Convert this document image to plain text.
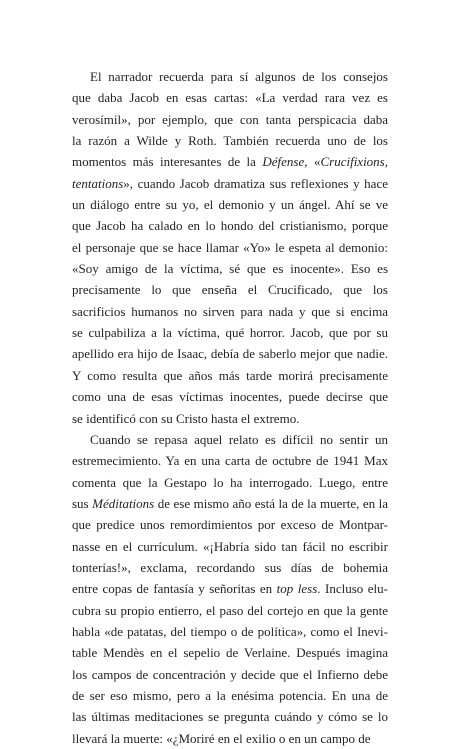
El narrador recuerda para sí algunos de los consejos
que daba Jacob en esas cartas: «La verdad rara vez es
verosímil», por ejemplo, que con tanta perspicacia daba
la razón a Wilde y Roth. También recuerda uno de los
momentos más interesantes de la Défense, «Crucifixions,
tentations», cuando Jacob dramatiza sus reflexiones y hace
un diálogo entre su yo, el demonio y un ángel. Ahí se ve
que Jacob ha calado en lo hondo del cristianismo, porque
el personaje que se hace llamar «Yo» le espeta al demonio:
«Soy amigo de la víctima, sé que es inocente». Eso es
precisamente lo que enseña el Crucificado, que los
sacrificios humanos no sirven para nada y que si encima
se culpabiliza a la víctima, qué horror. Jacob, que por su
apellido era hijo de Isaac, debía de saberlo mejor que nadie.
Y como resulta que años más tarde morirá precisamente
como una de esas víctimas inocentes, puede decirse que
se identificó con su Cristo hasta el extremo.

Cuando se repasa aquel relato es difícil no sentir un
estremecimiento. Ya en una carta de octubre de 1941 Max
comenta que la Gestapo lo ha interrogado. Luego, entre
sus Méditations de ese mismo año está la de la muerte, en la
que predice unos remordimientos por exceso de Montpar-
nasse en el currículum. «¡Habría sido tan fácil no escribir
tonterías!», exclama, recordando sus días de bohemia
entre copas de fantasía y señoritas en top less. Incluso elu-
cubra su propio entierro, el paso del cortejo en que la gente
habla «de patatas, del tiempo o de política», como el Inevi-
table Mendès en el sepelio de Verlaine. Después imagina
los campos de concentración y decide que el Infierno debe
de ser eso mismo, pero a la enésima potencia. En una de
las últimas meditaciones se pregunta cuándo y cómo se lo
llevará la muerte: «¿Moriré en el exilio o en un campo de
